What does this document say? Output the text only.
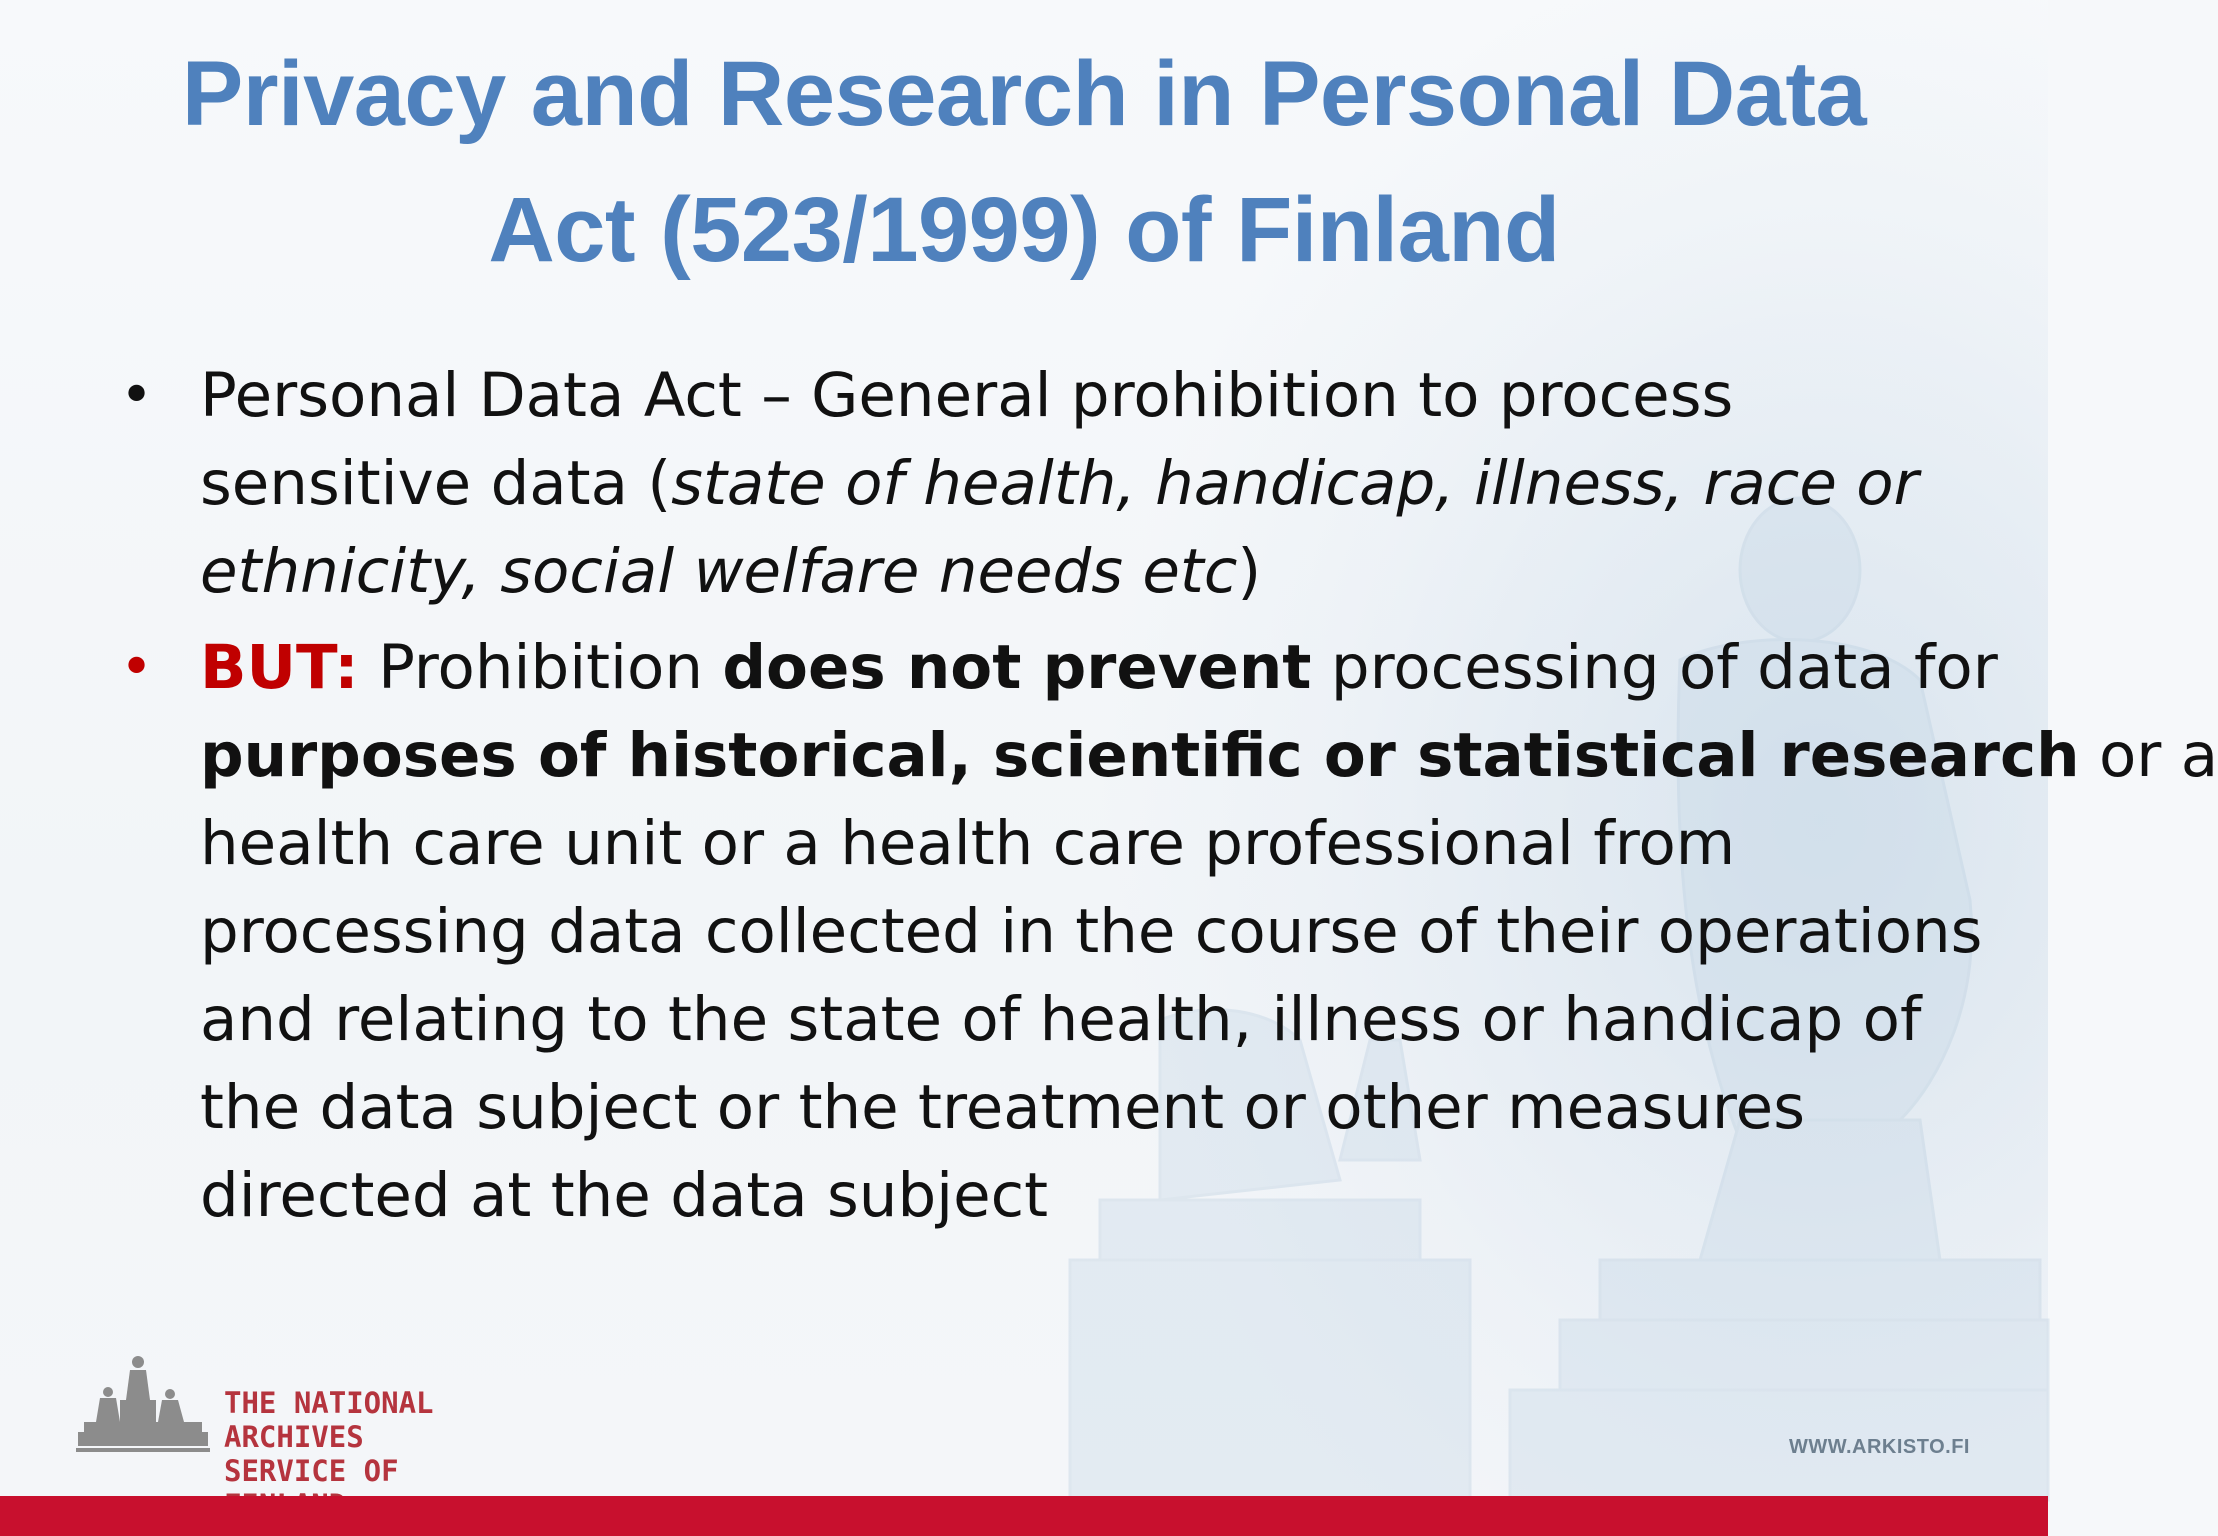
Privacy and Research in Personal Data
Act (523/1999) of Finland
• Personal Data Act – General prohibition to process
sensitive data (state of health, handicap, illness, race or
ethnicity, social welfare needs etc)
• BUT: Prohibition does not prevent processing of data for
purposes of historical, scientific or statistical research or a
health care unit or a health care professional from
processing data collected in the course of their operations
and relating to the state of health, illness or handicap of
the data subject or the treatment or other measures
directed at the data subject
THE NATIONAL ARCHIVES
SERVICE OF
WWW.ARKISTO.FI
